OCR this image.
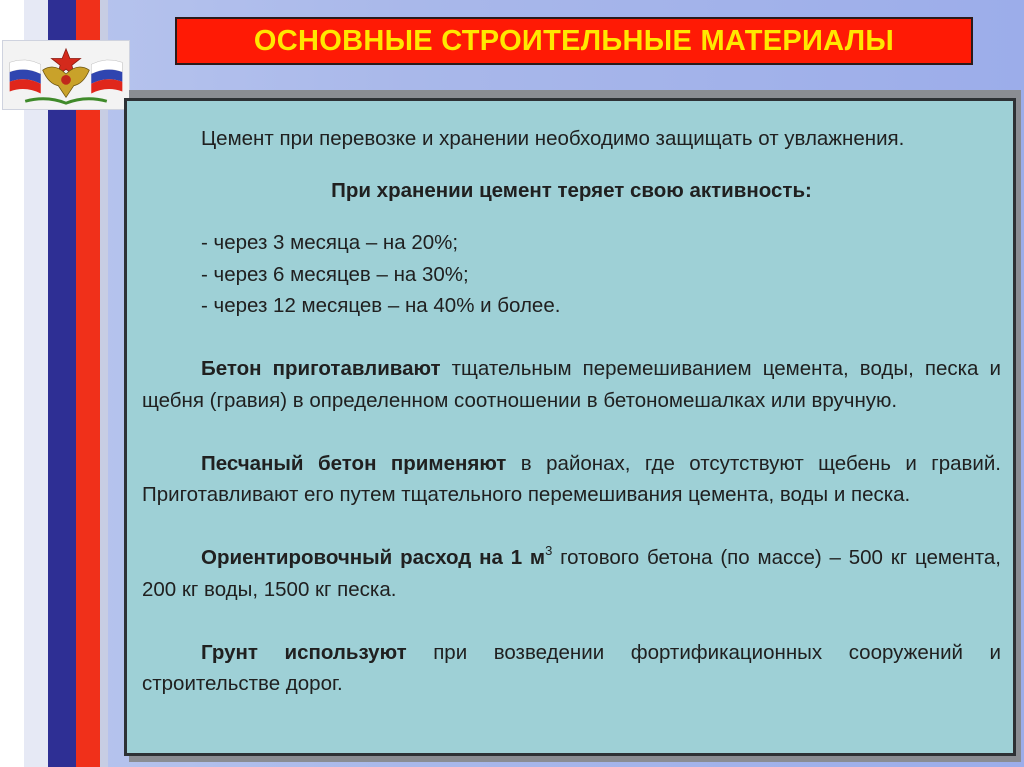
ОСНОВНЫЕ СТРОИТЕЛЬНЫЕ МАТЕРИАЛЫ

Цемент при перевозке и хранении необходимо защищать от увлажнения.

При хранении цемент теряет свою активность:

- через 3 месяца – на 20%;

- через 6 месяцев – на 30%;

- через 12 месяцев – на 40% и более.

Бетон приготавливают тщательным перемешиванием цемента, воды, песка и щебня (гравия) в определенном соотношении в бетономешалках или вручную.

Песчаный бетон применяют в районах, где отсутствуют щебень и гравий. Приготавливают его путем тщательного перемешивания цемента, воды и песка.

Ориентировочный расход на 1 $м^3$ готового бетона (по массе) – 500 кг цемента, 200 кг воды, 1500 кг песка.

Грунт используют при возведении фортификационных сооружений и строительстве дорог.
